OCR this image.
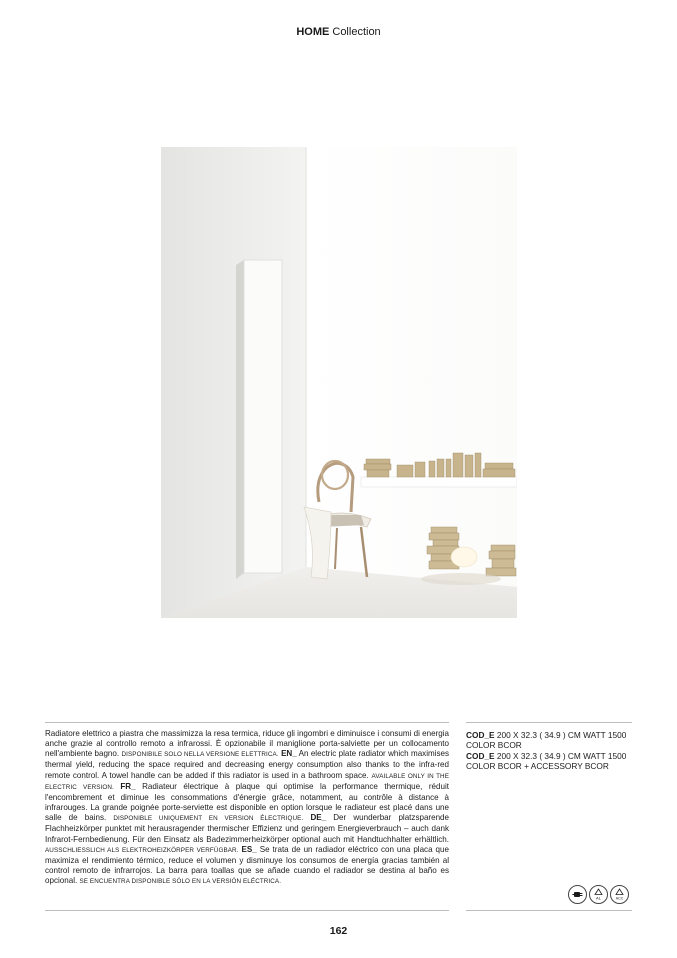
HOME Collection
Radiatore elettrico a piastra che massimizza la resa termica, riduce gli ingombri e diminuisce i consumi di energia anche grazie al controllo remoto a infrarossi. È opzionabile il maniglione porta-salviette per un collocamento nell'ambiente bagno. DISPONIBILE SOLO NELLA VERSIONE ELETTRICA. EN_ An electric plate radiator which maximises thermal yield, reducing the space required and decreasing energy consumption also thanks to the infra-red remote control. A towel handle can be added if this radiator is used in a bathroom space. AVAILABLE ONLY IN THE ELECTRIC VERSION. FR_ Radiateur électrique à plaque qui optimise la performance thermique, réduit l'encombrement et diminue les consommations d'énergie grâce, notamment, au contrôle à distance à infrarouges. La grande poignée porte-serviette est disponible en option lorsque le radiateur est placé dans une salle de bains. DISPONIBLE UNIQUEMENT EN VERSION ÉLECTRIQUE. DE_ Der wunderbar platzsparende Flachheizkörper punktet mit herausragender thermischer Effizienz und geringem Energieverbrauch – auch dank Infrarot-Fernbedienung. Für den Einsatz als Badezimmerheizkörper optional auch mit Handtuchhalter erhältlich. AUSSCHLIESSLICH ALS ELEKTROHEIZKÖRPER VERFÜGBAR. ES_ Se trata de un radiador eléctrico con una placa que maximiza el rendimiento térmico, reduce el volumen y disminuye los consumos de energía gracias también al control remoto de infrarrojos. La barra para toallas que se añade cuando el radiador se destina al baño es opcional. SE ENCUENTRA DISPONIBLE SÓLO EN LA VERSIÓN ELÉCTRICA.
COD_E 200 X 32.3 ( 34.9 ) CM WATT 1500
COLOR BCOR
COD_E 200 X 32.3 ( 34.9 ) CM WATT 1500
COLOR BCOR + ACCESSORY BCOR
AL	ACC
162
